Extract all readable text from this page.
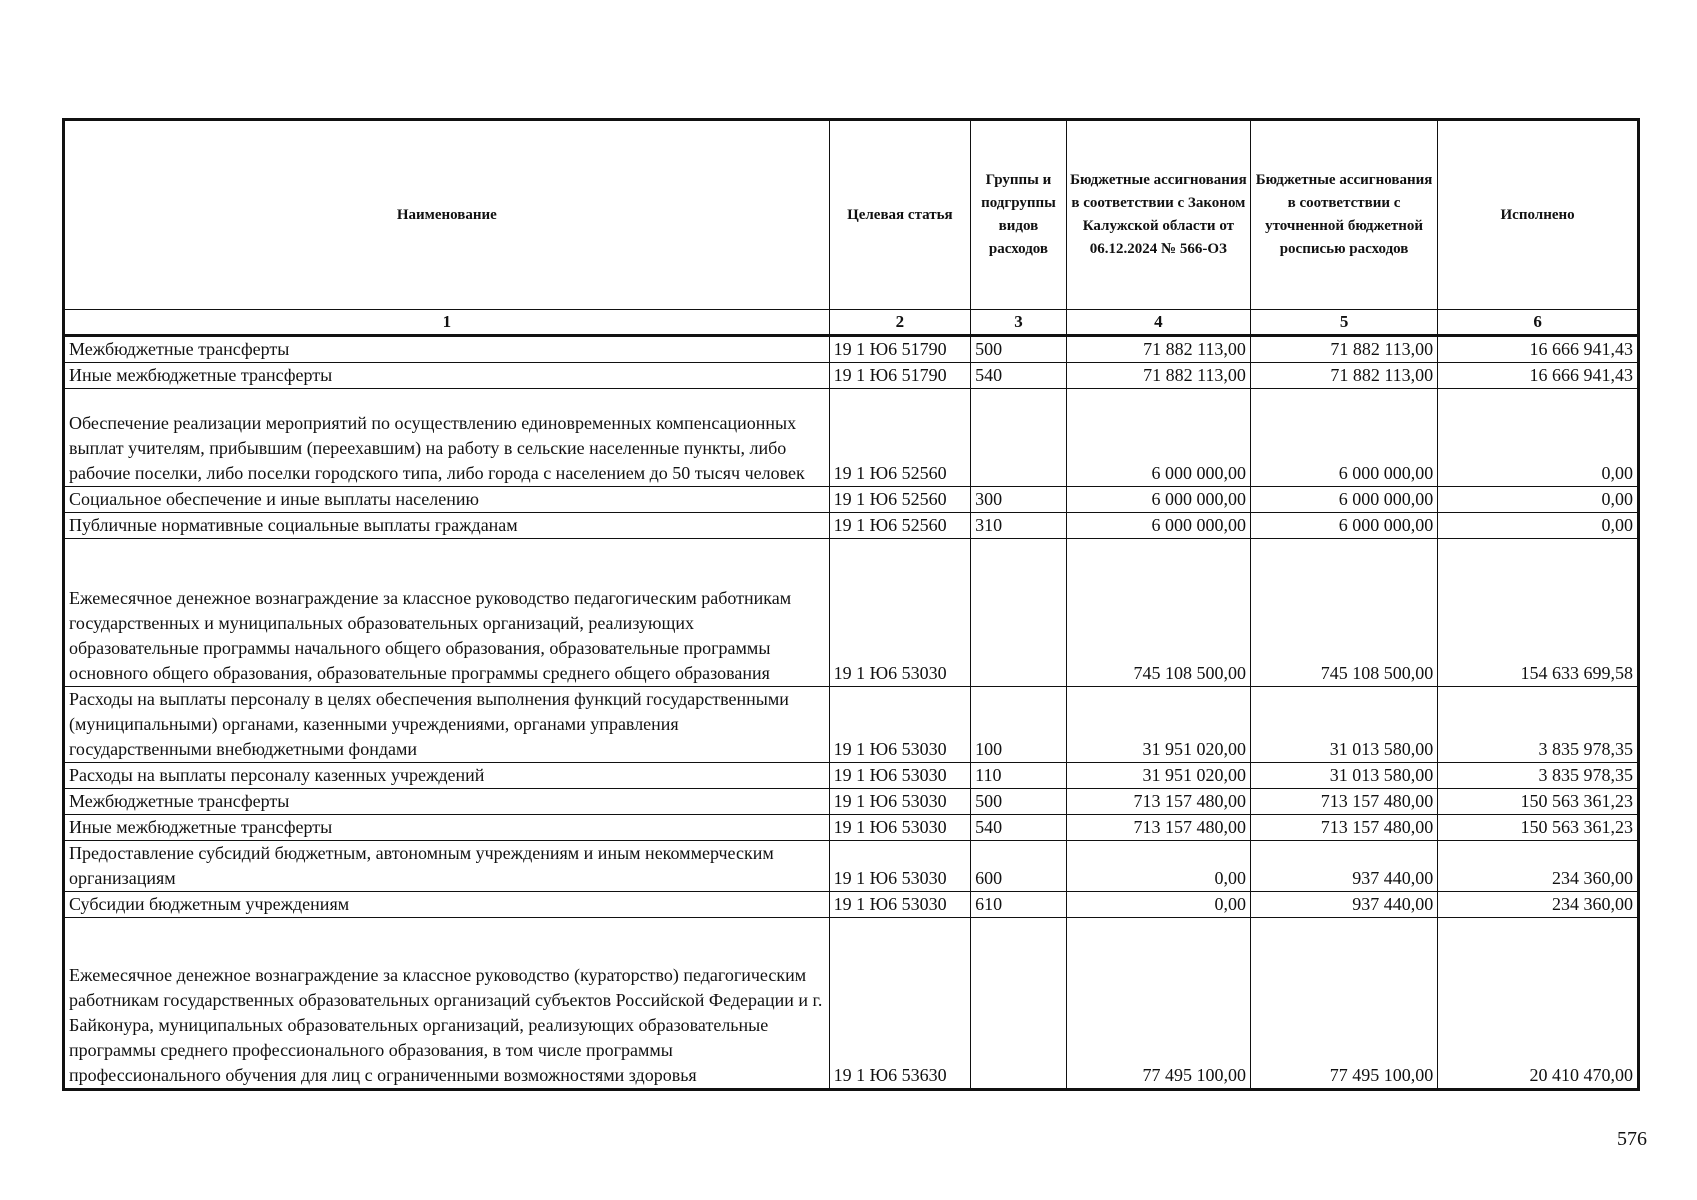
Наименование	Целевая статья	Группы и подгруппы видов расходов	Бюджетные ассигнования в соответствии с Законом Калужской области от 06.12.2024 № 566-ОЗ	Бюджетные ассигнования в соответствии с уточненной бюджетной росписью расходов	Исполнено
1	2	3	4	5	6
Межбюджетные трансферты	19 1 Ю6 51790	500	71 882 113,00	71 882 113,00	16 666 941,43
Иные межбюджетные трансферты	19 1 Ю6 51790	540	71 882 113,00	71 882 113,00	16 666 941,43
Обеспечение реализации мероприятий по осуществлению единовременных компенсационных выплат учителям, прибывшим (переехавшим) на работу в сельские населенные пункты, либо рабочие поселки, либо поселки городского типа, либо города с населением до 50 тысяч человек	19 1 Ю6 52560		6 000 000,00	6 000 000,00	0,00
Социальное обеспечение и иные выплаты населению	19 1 Ю6 52560	300	6 000 000,00	6 000 000,00	0,00
Публичные нормативные социальные выплаты гражданам	19 1 Ю6 52560	310	6 000 000,00	6 000 000,00	0,00
Ежемесячное денежное вознаграждение за классное руководство педагогическим работникам государственных и муниципальных образовательных организаций, реализующих образовательные программы начального общего образования, образовательные программы основного общего образования, образовательные программы среднего общего образования	19 1 Ю6 53030		745 108 500,00	745 108 500,00	154 633 699,58
Расходы на выплаты персоналу в целях обеспечения выполнения функций государственными (муниципальными) органами, казенными учреждениями, органами управления государственными внебюджетными фондами	19 1 Ю6 53030	100	31 951 020,00	31 013 580,00	3 835 978,35
Расходы на выплаты персоналу казенных учреждений	19 1 Ю6 53030	110	31 951 020,00	31 013 580,00	3 835 978,35
Межбюджетные трансферты	19 1 Ю6 53030	500	713 157 480,00	713 157 480,00	150 563 361,23
Иные межбюджетные трансферты	19 1 Ю6 53030	540	713 157 480,00	713 157 480,00	150 563 361,23
Предоставление субсидий бюджетным, автономным учреждениям и иным некоммерческим организациям	19 1 Ю6 53030	600	0,00	937 440,00	234 360,00
Субсидии бюджетным учреждениям	19 1 Ю6 53030	610	0,00	937 440,00	234 360,00
Ежемесячное денежное вознаграждение за классное руководство (кураторство) педагогическим работникам государственных образовательных организаций субъектов Российской Федерации и г. Байконура, муниципальных образовательных организаций, реализующих образовательные программы среднего профессионального образования, в том числе программы профессионального обучения для лиц с ограниченными возможностями здоровья	19 1 Ю6 53630		77 495 100,00	77 495 100,00	20 410 470,00
576
